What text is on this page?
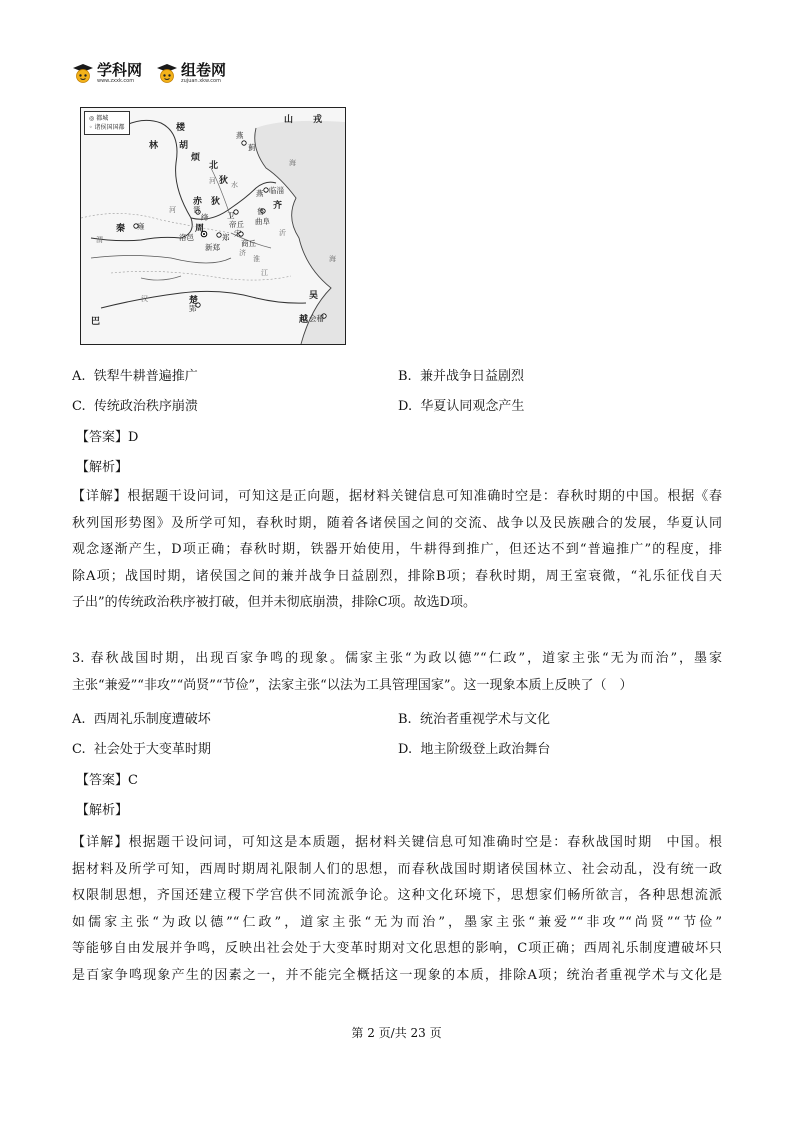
学科网
www.zxxk.com
组卷网
zujuan.xkw.com
◎ 都城
◦ 诸侯国国都
山 戎
楼
林 胡
燕
蓟
烦
北
狄
河
海
赤 狄
水
燕 临淄
齐
晋
绛
周
洛邑
河
秦 雍
渭
卫
帝丘
鲁
曲阜
郑
新郑
宋
商丘
淮
济
沂
海
汉
江
楚
郢
吴
越 会稽
巴
A. 铁犁牛耕普遍推广	B. 兼并战争日益剧烈
C. 传统政治秩序崩溃	D. 华夏认同观念产生
【答案】D
【解析】
【详解】根据题干设问词，可知这是正向题，据材料关键信息可知准确时空是：春秋时期的中国。根据《春
秋列国形势图》及所学可知，春秋时期，随着各诸侯国之间的交流、战争以及民族融合的发展，华夏认同
观念逐渐产生，D项正确；春秋时期，铁器开始使用，牛耕得到推广，但还达不到“普遍推广”的程度，排
除A项；战国时期，诸侯国之间的兼并战争日益剧烈，排除B项；春秋时期，周王室衰微，“礼乐征伐自天
子出”的传统政治秩序被打破，但并未彻底崩溃，排除C项。故选D项。
3. 春秋战国时期，出现百家争鸣的现象。儒家主张“为政以德”“仁政”，道家主张“无为而治”，墨家
主张“兼爱”“非攻”“尚贤”“节俭”，法家主张“以法为工具管理国家”。这一现象本质上反映了（　）
A. 西周礼乐制度遭破坏	B. 统治者重视学术与文化
C. 社会处于大变革时期	D. 地主阶级登上政治舞台
【答案】C
【解析】
【详解】根据题干设问词，可知这是本质题，据材料关键信息可知准确时空是：春秋战国时期　中国。根
据材料及所学可知，西周时期周礼限制人们的思想，而春秋战国时期诸侯国林立、社会动乱，没有统一政
权限制思想，齐国还建立稷下学宫供不同流派争论。这种文化环境下，思想家们畅所欲言，各种思想流派
如儒家主张“为政以德”“仁政”，道家主张“无为而治”，墨家主张“兼爱”“非攻”“尚贤”“节俭”
等能够自由发展并争鸣，反映出社会处于大变革时期对文化思想的影响，C项正确；西周礼乐制度遭破坏只
是百家争鸣现象产生的因素之一，并不能完全概括这一现象的本质，排除A项；统治者重视学术与文化是
第 2 页/共 23 页
